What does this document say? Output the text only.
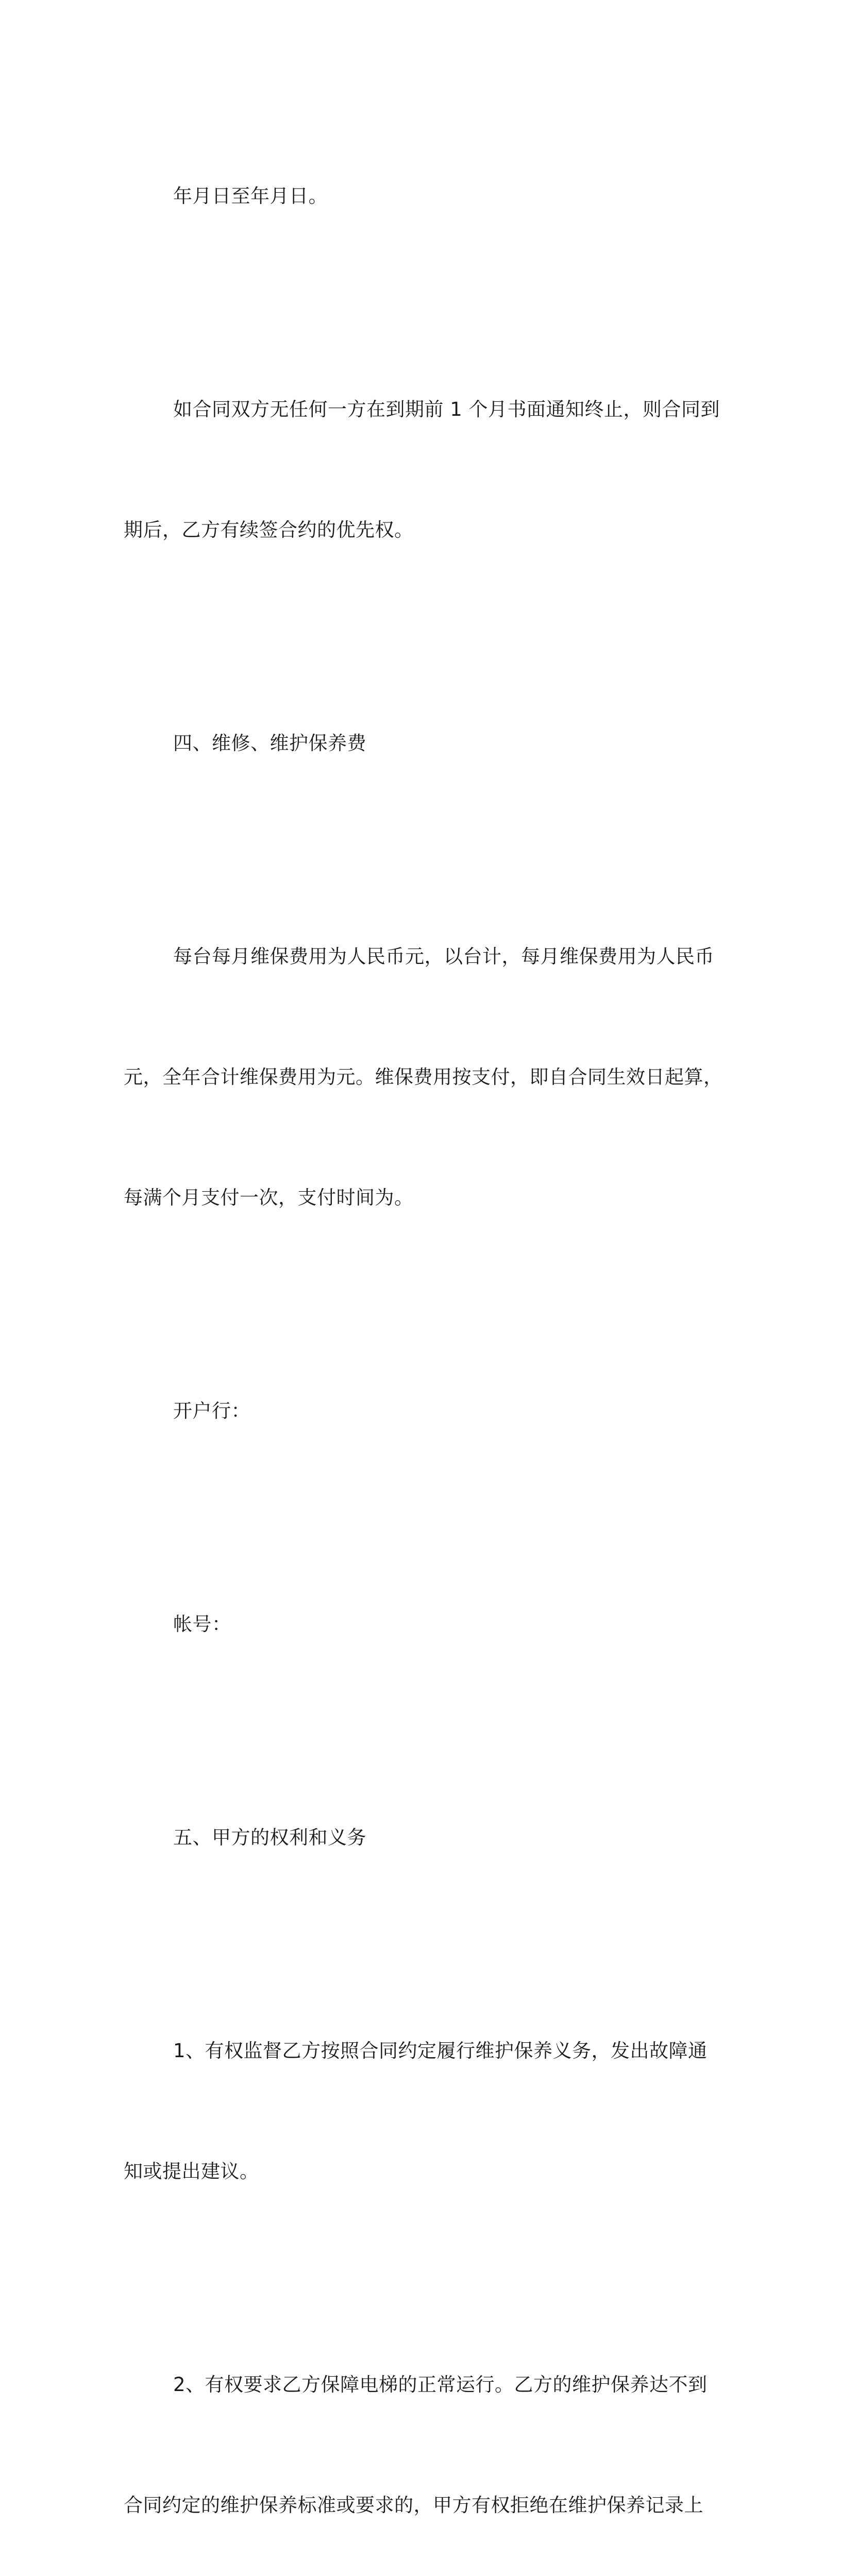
年月日至年月日。

如合同双方无任何一方在到期前 1 个月书面通知终止，则合同到

期后，乙方有续签合约的优先权。

四、维修、维护保养费

每台每月维保费用为人民币元，以台计，每月维保费用为人民币

元，全年合计维保费用为元。维保费用按支付，即自合同生效日起算，

每满个月支付一次，支付时间为。

开户行：

帐号：

五、甲方的权利和义务

1、有权监督乙方按照合同约定履行维护保养义务，发出故障通

知或提出建议。

2、有权要求乙方保障电梯的正常运行。乙方的维护保养达不到

合同约定的维护保养标准或要求的，甲方有权拒绝在维护保养记录上
